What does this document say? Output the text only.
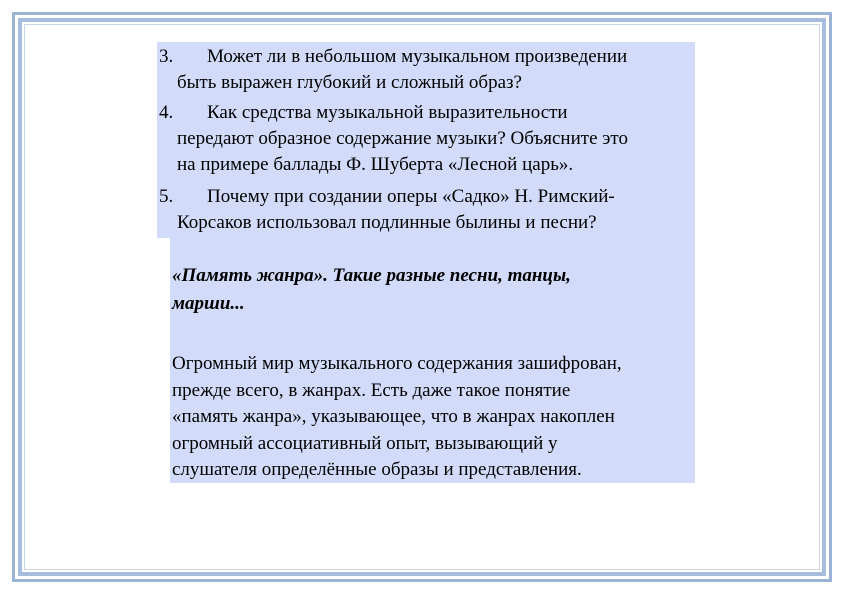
3. Может ли в небольшом музыкальном произведении
быть выражен глубокий и сложный образ?
4. Как средства музыкальной выразительности
передают образное содержание музыки? Объясните это
на примере баллады Ф. Шуберта «Лесной царь».
5. Почему при создании оперы «Садко» Н. Римский-
Корсаков использовал подлинные былины и песни?
«Память жанра». Такие разные песни, танцы,
марши...
Огромный мир музыкального содержания зашифрован,
прежде всего, в жанрах. Есть даже такое понятие
«память жанра», указывающее, что в жанрах накоплен
огромный ассоциативный опыт, вызывающий у
слушателя определённые образы и представления.
